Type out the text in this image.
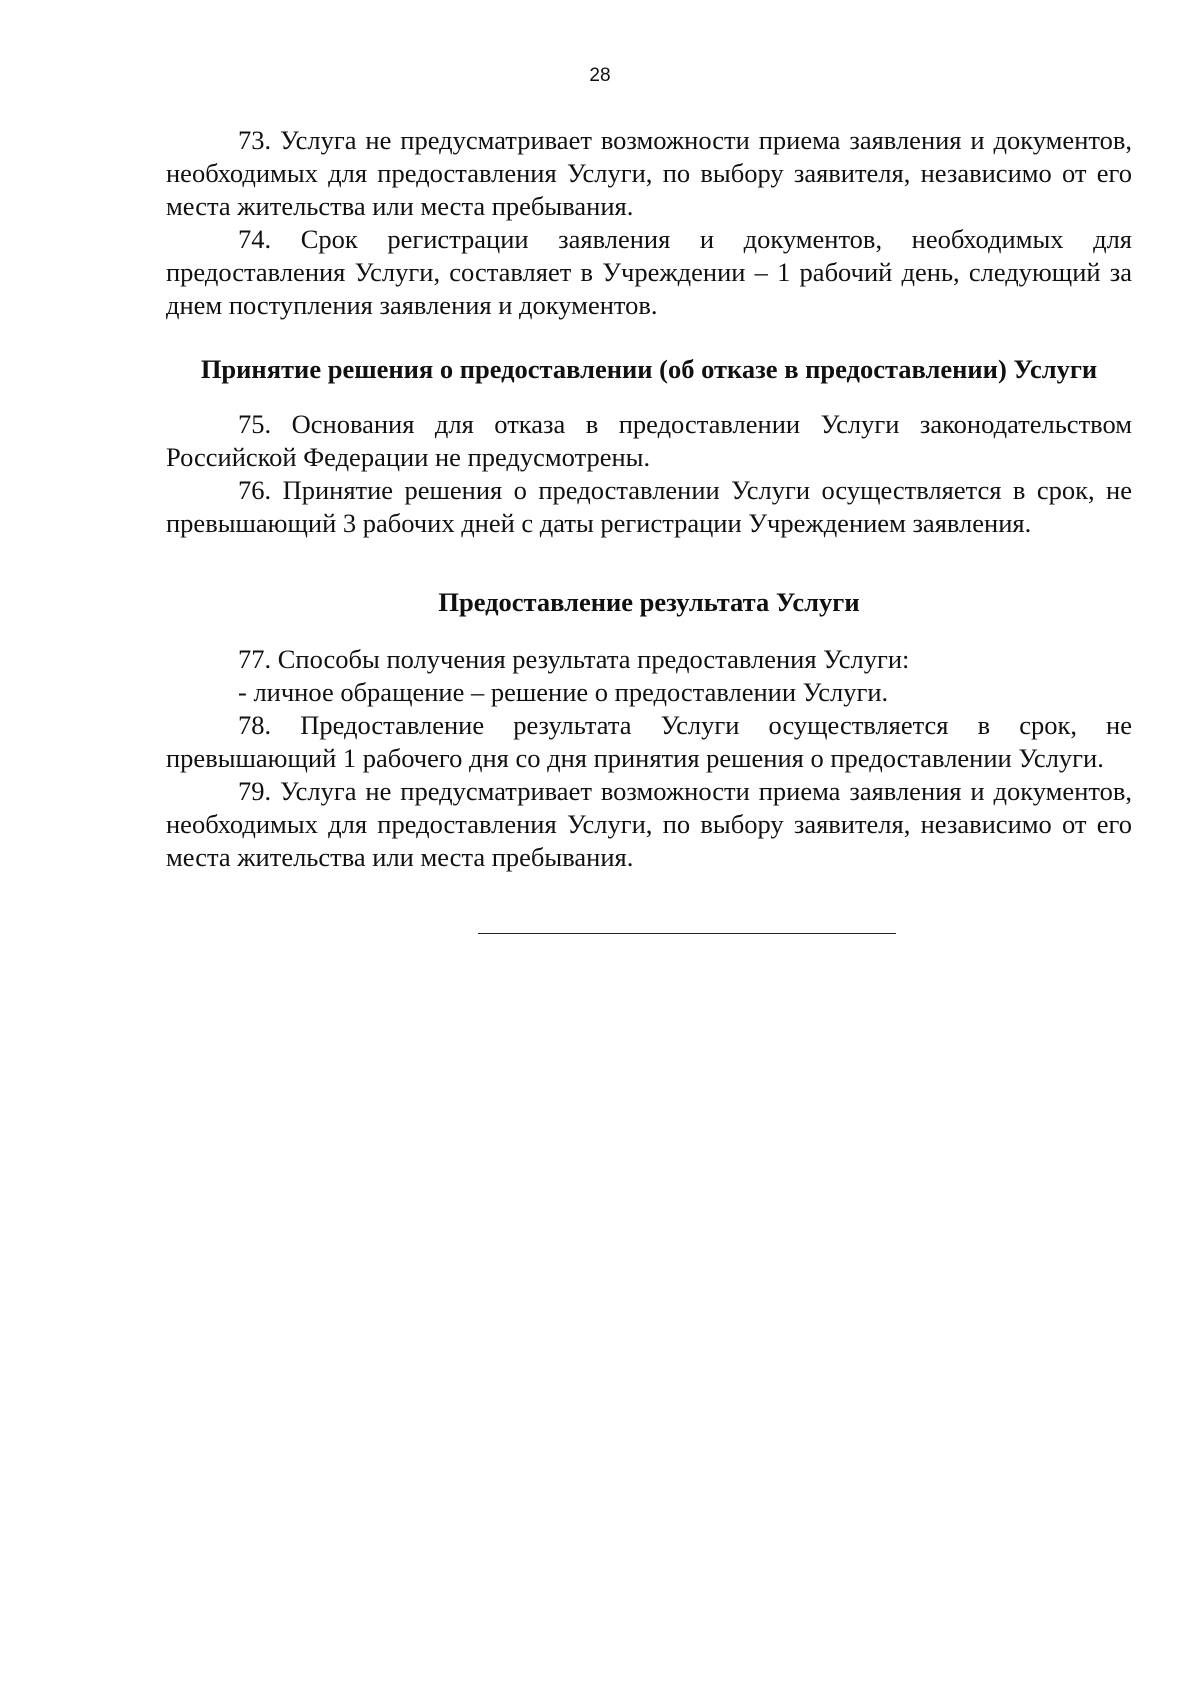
28

73. Услуга не предусматривает возможности приема заявления и документов, необходимых для предоставления Услуги, по выбору заявителя, независимо от его места жительства или места пребывания.

74. Срок регистрации заявления и документов, необходимых для предоставления Услуги, составляет в Учреждении – 1 рабочий день, следующий за днем поступления заявления и документов.

Принятие решения о предоставлении (об отказе в предоставлении) Услуги

75. Основания для отказа в предоставлении Услуги законодательством Российской Федерации не предусмотрены.

76. Принятие решения о предоставлении Услуги осуществляется в срок, не превышающий 3 рабочих дней с даты регистрации Учреждением заявления.

Предоставление результата Услуги

77. Способы получения результата предоставления Услуги:

- личное обращение – решение о предоставлении Услуги.

78. Предоставление результата Услуги осуществляется в срок, не превышающий 1 рабочего дня со дня принятия решения о предоставлении Услуги.

79. Услуга не предусматривает возможности приема заявления и документов, необходимых для предоставления Услуги, по выбору заявителя, независимо от его места жительства или места пребывания.
